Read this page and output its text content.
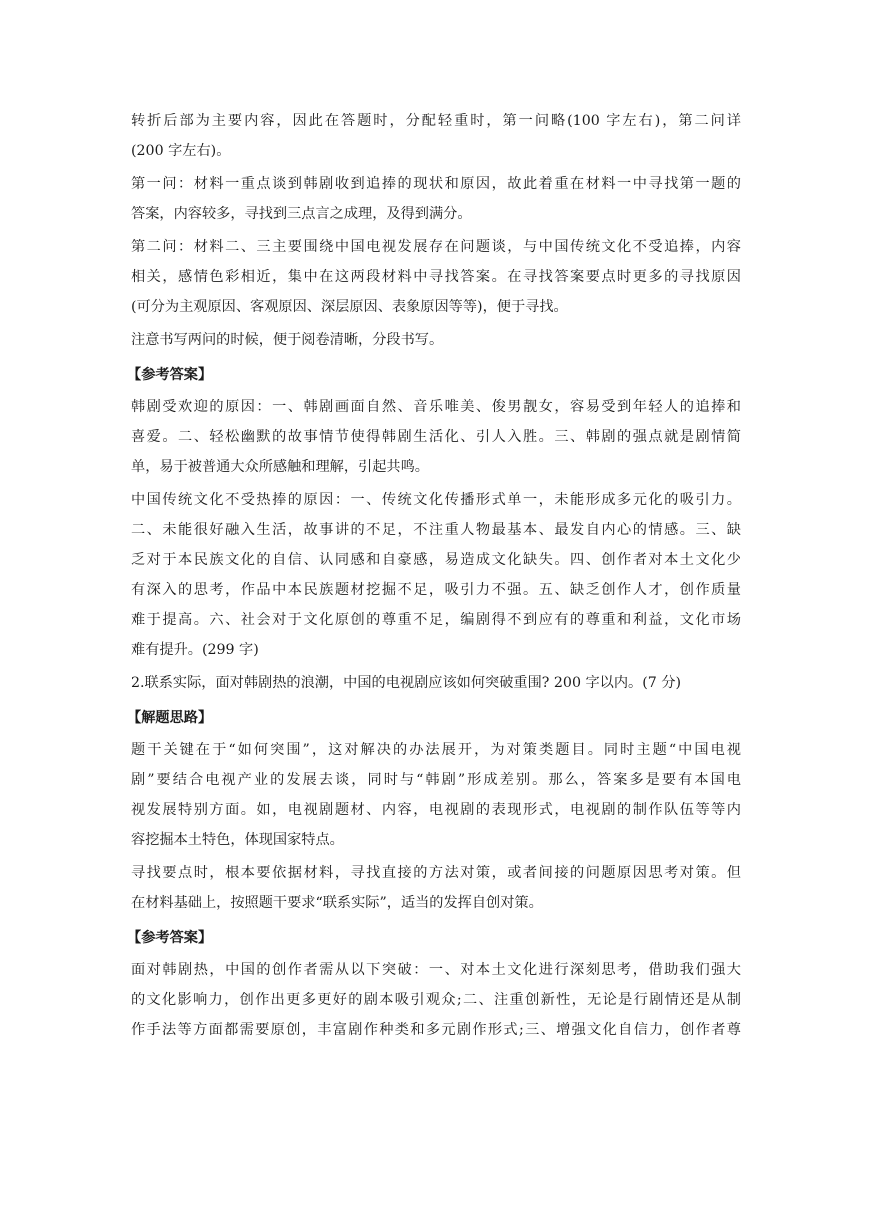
转折后部为主要内容，因此在答题时，分配轻重时，第一问略(100 字左右)，第二问详
(200 字左右)。
第一问：材料一重点谈到韩剧收到追捧的现状和原因，故此着重在材料一中寻找第一题的
答案，内容较多，寻找到三点言之成理，及得到满分。
第二问：材料二、三主要围绕中国电视发展存在问题谈，与中国传统文化不受追捧，内容
相关，感情色彩相近，集中在这两段材料中寻找答案。在寻找答案要点时更多的寻找原因
(可分为主观原因、客观原因、深层原因、表象原因等等)，便于寻找。
注意书写两问的时候，便于阅卷清晰，分段书写。
【参考答案】
韩剧受欢迎的原因：一、韩剧画面自然、音乐唯美、俊男靓女，容易受到年轻人的追捧和
喜爱。二、轻松幽默的故事情节使得韩剧生活化、引人入胜。三、韩剧的强点就是剧情简
单，易于被普通大众所感触和理解，引起共鸣。
中国传统文化不受热捧的原因：一、传统文化传播形式单一，未能形成多元化的吸引力。
二、未能很好融入生活，故事讲的不足，不注重人物最基本、最发自内心的情感。三、缺
乏对于本民族文化的自信、认同感和自豪感，易造成文化缺失。四、创作者对本土文化少
有深入的思考，作品中本民族题材挖掘不足，吸引力不强。五、缺乏创作人才，创作质量
难于提高。六、社会对于文化原创的尊重不足，编剧得不到应有的尊重和利益，文化市场
难有提升。(299 字)
2.联系实际，面对韩剧热的浪潮，中国的电视剧应该如何突破重围? 200 字以内。(7 分)
【解题思路】
题干关键在于“如何突围”，这对解决的办法展开，为对策类题目。同时主题“中国电视
剧”要结合电视产业的发展去谈，同时与“韩剧”形成差别。那么，答案多是要有本国电
视发展特别方面。如，电视剧题材、内容，电视剧的表现形式，电视剧的制作队伍等等内
容挖掘本土特色，体现国家特点。
寻找要点时，根本要依据材料，寻找直接的方法对策，或者间接的问题原因思考对策。但
在材料基础上，按照题干要求“联系实际”，适当的发挥自创对策。
【参考答案】
面对韩剧热，中国的创作者需从以下突破：一、对本土文化进行深刻思考，借助我们强大
的文化影响力，创作出更多更好的剧本吸引观众;二、注重创新性，无论是行剧情还是从制
作手法等方面都需要原创，丰富剧作种类和多元剧作形式;三、增强文化自信力，创作者尊
